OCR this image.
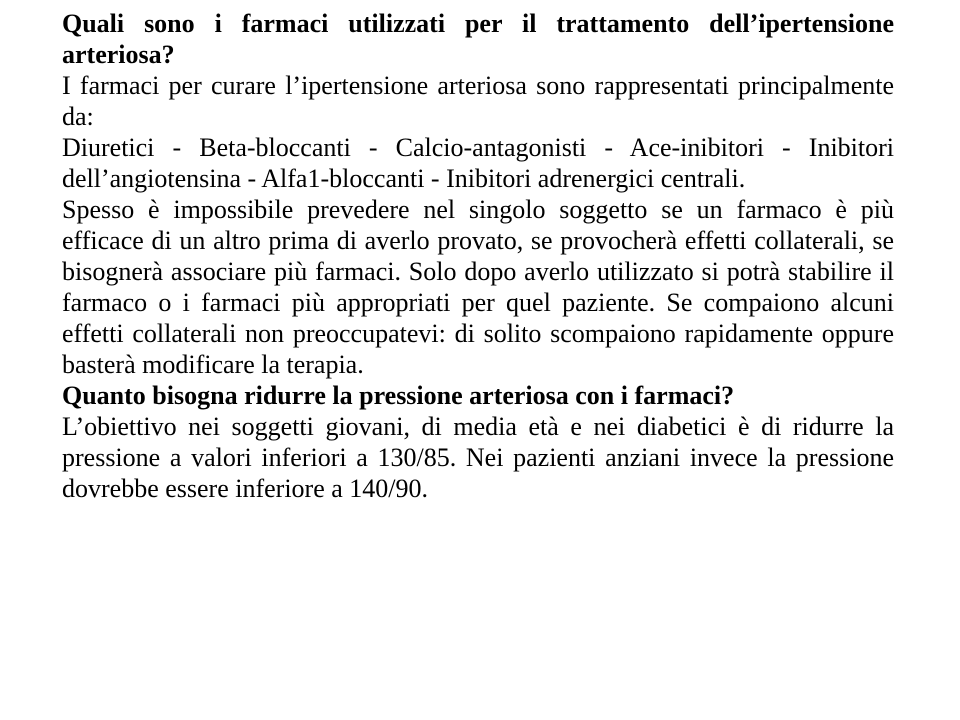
Quali sono i farmaci utilizzati per il trattamento dell’ipertensione arteriosa?

I farmaci per curare l’ipertensione arteriosa sono rappresentati principalmente da:

Diuretici - Beta-bloccanti - Calcio-antagonisti - Ace-inibitori - Inibitori dell’angiotensina - Alfa1-bloccanti - Inibitori adrenergici centrali.

Spesso è impossibile prevedere nel singolo soggetto se un farmaco è più efficace di un altro prima di averlo provato, se provocherà effetti collaterali, se bisognerà associare più farmaci. Solo dopo averlo utilizzato si potrà stabilire il farmaco o i farmaci più appropriati per quel paziente. Se compaiono alcuni effetti collaterali non preoccupatevi: di solito scompaiono rapidamente oppure basterà modificare la terapia.

Quanto bisogna ridurre la pressione arteriosa con i farmaci?

L’obiettivo nei soggetti giovani, di media età e nei diabetici è di ridurre la pressione a valori inferiori a 130/85. Nei pazienti anziani invece la pressione dovrebbe essere inferiore a 140/90.
